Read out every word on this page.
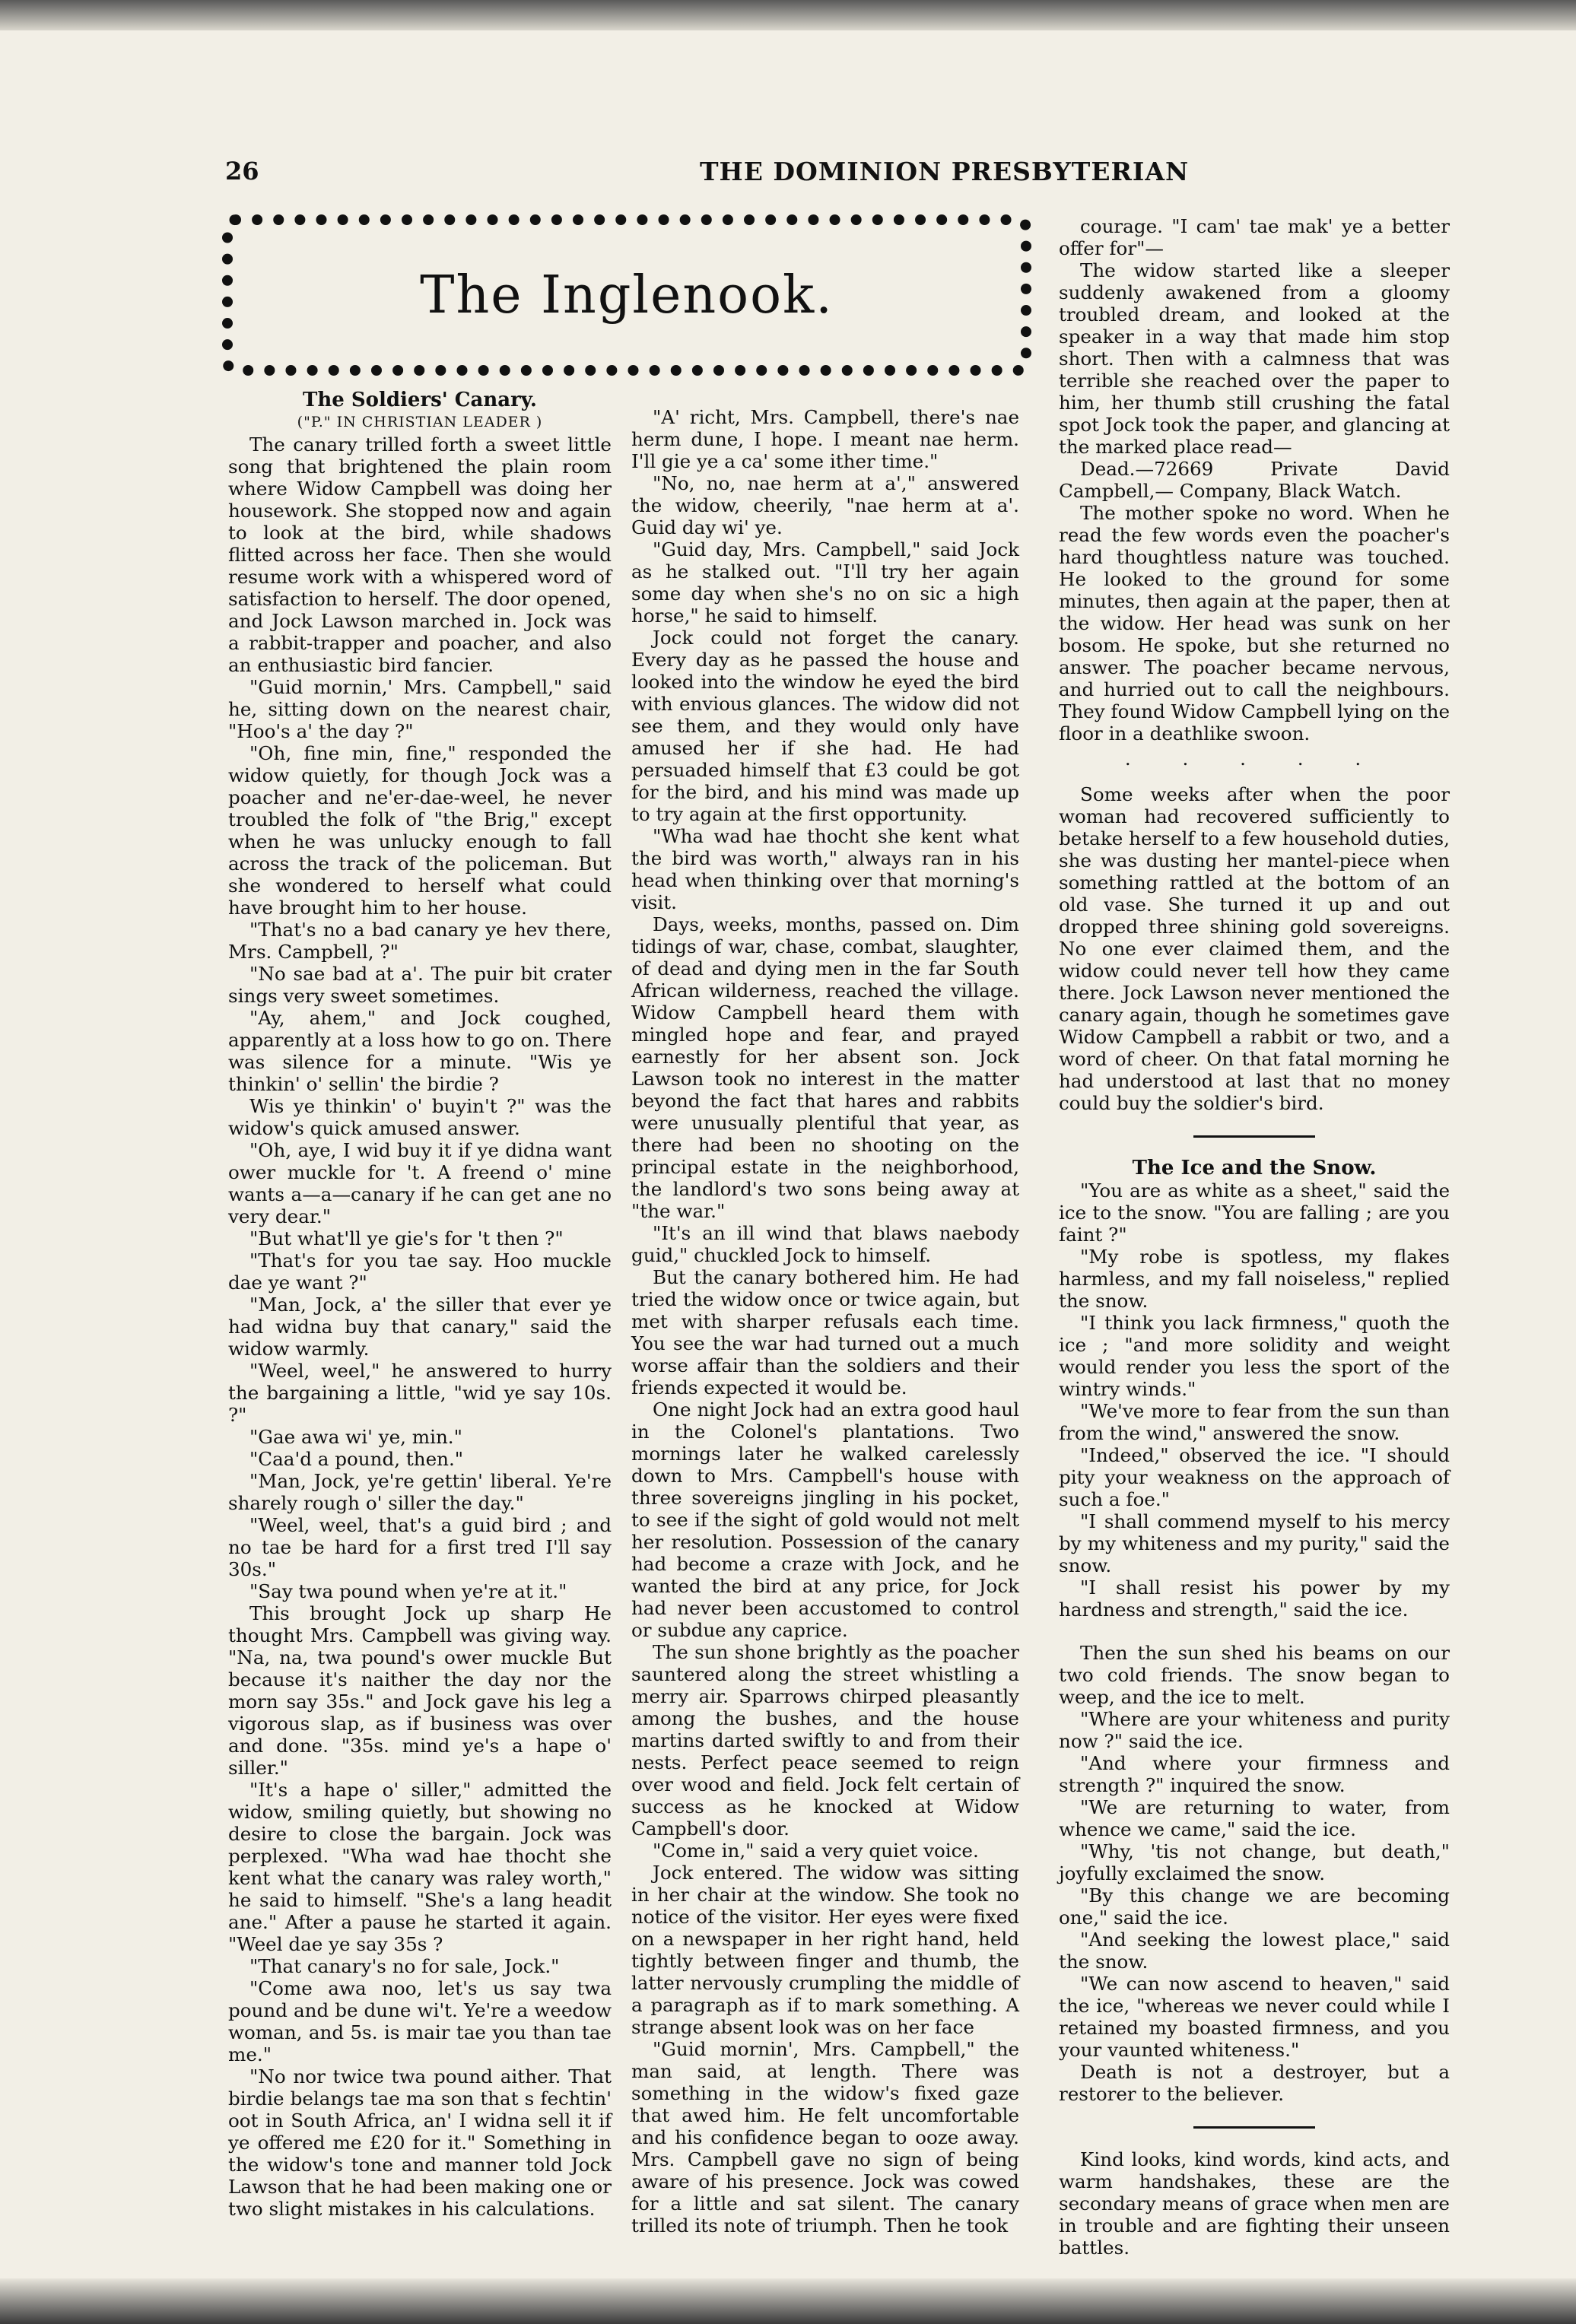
26	THE DOMINION PRESBYTERIAN
The Inglenook.

The Soldiers' Canary.

("P." IN CHRISTIAN LEADER )

The canary trilled forth a sweet little song that brightened the plain room where Widow Campbell was doing her housework. She stopped now and again to look at the bird, while shadows flitted across her face. Then she would resume work with a whispered word of satisfaction to herself. The door opened, and Jock Lawson marched in. Jock was a rabbit-trapper and poacher, and also an enthusiastic bird fancier.

"Guid mornin,' Mrs. Campbell," said he, sitting down on the nearest chair, "Hoo's a' the day ?"

"Oh, fine min, fine," responded the widow quietly, for though Jock was a poacher and ne'er-dae-weel, he never troubled the folk of "the Brig," except when he was unlucky enough to fall across the track of the policeman. But she wondered to herself what could have brought him to her house.

"That's no a bad canary ye hev there, Mrs. Campbell, ?"

"No sae bad at a'. The puir bit crater sings very sweet sometimes.

"Ay, ahem," and Jock coughed, apparently at a loss how to go on. There was silence for a minute. "Wis ye thinkin' o' sellin' the birdie ?

Wis ye thinkin' o' buyin't ?" was the widow's quick amused answer.

"Oh, aye, I wid buy it if ye didna want ower muckle for 't. A freend o' mine wants a—a—canary if he can get ane no very dear."

"But what'll ye gie's for 't then ?"

"That's for you tae say. Hoo muckle dae ye want ?"

"Man, Jock, a' the siller that ever ye had widna buy that canary," said the widow warmly.

"Weel, weel," he answered to hurry the bargaining a little, "wid ye say 10s. ?"

"Gae awa wi' ye, min."

"Caa'd a pound, then."

"Man, Jock, ye're gettin' liberal. Ye're sharely rough o' siller the day."

"Weel, weel, that's a guid bird ; and no tae be hard for a first tred I'll say 30s."

"Say twa pound when ye're at it."

This brought Jock up sharp He thought Mrs. Campbell was giving way. "Na, na, twa pound's ower muckle But because it's naither the day nor the morn say 35s." and Jock gave his leg a vigorous slap, as if business was over and done. "35s. mind ye's a hape o' siller."

"It's a hape o' siller," admitted the widow, smiling quietly, but showing no desire to close the bargain. Jock was perplexed. "Wha wad hae thocht she kent what the canary was raley worth," he said to himself. "She's a lang headit ane." After a pause he started it again. "Weel dae ye say 35s ?

"That canary's no for sale, Jock."

"Come awa noo, let's us say twa pound and be dune wi't. Ye're a weedow woman, and 5s. is mair tae you than tae me."

"No nor twice twa pound aither. That birdie belangs tae ma son that s fechtin' oot in South Africa, an' I widna sell it if ye offered me £20 for it." Something in the widow's tone and manner told Jock Lawson that he had been making one or two slight mistakes in his calculations.

"A' richt, Mrs. Campbell, there's nae herm dune, I hope. I meant nae herm. I'll gie ye a ca' some ither time."

"No, no, nae herm at a'," answered the widow, cheerily, "nae herm at a'. Guid day wi' ye.

"Guid day, Mrs. Campbell," said Jock as he stalked out. "I'll try her again some day when she's no on sic a high horse," he said to himself.

Jock could not forget the canary. Every day as he passed the house and looked into the window he eyed the bird with envious glances. The widow did not see them, and they would only have amused her if she had. He had persuaded himself that £3 could be got for the bird, and his mind was made up to try again at the first opportunity.

"Wha wad hae thocht she kent what the bird was worth," always ran in his head when thinking over that morning's visit.

Days, weeks, months, passed on. Dim tidings of war, chase, combat, slaughter, of dead and dying men in the far South African wilderness, reached the village. Widow Campbell heard them with mingled hope and fear, and prayed earnestly for her absent son. Jock Lawson took no interest in the matter beyond the fact that hares and rabbits were unusually plentiful that year, as there had been no shooting on the principal estate in the neighborhood, the landlord's two sons being away at "the war."

"It's an ill wind that blaws naebody guid," chuckled Jock to himself.

But the canary bothered him. He had tried the widow once or twice again, but met with sharper refusals each time. You see the war had turned out a much worse affair than the soldiers and their friends expected it would be.

One night Jock had an extra good haul in the Colonel's plantations. Two mornings later he walked carelessly down to Mrs. Campbell's house with three sovereigns jingling in his pocket, to see if the sight of gold would not melt her resolution. Possession of the canary had become a craze with Jock, and he wanted the bird at any price, for Jock had never been accustomed to control or subdue any caprice.

The sun shone brightly as the poacher sauntered along the street whistling a merry air. Sparrows chirped pleasantly among the bushes, and the house martins darted swiftly to and from their nests. Perfect peace seemed to reign over wood and field. Jock felt certain of success as he knocked at Widow Campbell's door.

"Come in," said a very quiet voice.

Jock entered. The widow was sitting in her chair at the window. She took no notice of the visitor. Her eyes were fixed on a newspaper in her right hand, held tightly between finger and thumb, the latter nervously crumpling the middle of a paragraph as if to mark something. A strange absent look was on her face

"Guid mornin', Mrs. Campbell," the man said, at length. There was something in the widow's fixed gaze that awed him. He felt uncomfortable and his confidence began to ooze away. Mrs. Campbell gave no sign of being aware of his presence. Jock was cowed for a little and sat silent. The canary trilled its note of triumph. Then he took

courage. "I cam' tae mak' ye a better offer for"—

The widow started like a sleeper suddenly awakened from a gloomy troubled dream, and looked at the speaker in a way that made him stop short. Then with a calmness that was terrible she reached over the paper to him, her thumb still crushing the fatal spot Jock took the paper, and glancing at the marked place read—

Dead.—72669 Private David Campbell,— Company, Black Watch.

The mother spoke no word. When he read the few words even the poacher's hard thoughtless nature was touched. He looked to the ground for some minutes, then again at the paper, then at the widow. Her head was sunk on her bosom. He spoke, but she returned no answer. The poacher became nervous, and hurried out to call the neighbours. They found Widow Campbell lying on the floor in a deathlike swoon.

. . . . .

Some weeks after when the poor woman had recovered sufficiently to betake herself to a few household duties, she was dusting her mantel-piece when something rattled at the bottom of an old vase. She turned it up and out dropped three shining gold sovereigns. No one ever claimed them, and the widow could never tell how they came there. Jock Lawson never mentioned the canary again, though he sometimes gave Widow Campbell a rabbit or two, and a word of cheer. On that fatal morning he had understood at last that no money could buy the soldier's bird.

The Ice and the Snow.

"You are as white as a sheet," said the ice to the snow. "You are falling ; are you faint ?"

"My robe is spotless, my flakes harmless, and my fall noiseless," replied the snow.

"I think you lack firmness," quoth the ice ; "and more solidity and weight would render you less the sport of the wintry winds."

"We've more to fear from the sun than from the wind," answered the snow.

"Indeed," observed the ice. "I should pity your weakness on the approach of such a foe."

"I shall commend myself to his mercy by my whiteness and my purity," said the snow.

"I shall resist his power by my hardness and strength," said the ice.

Then the sun shed his beams on our two cold friends. The snow began to weep, and the ice to melt.

"Where are your whiteness and purity now ?" said the ice.

"And where your firmness and strength ?" inquired the snow.

"We are returning to water, from whence we came," said the ice.

"Why, 'tis not change, but death," joyfully exclaimed the snow.

"By this change we are becoming one," said the ice.

"And seeking the lowest place," said the snow.

"We can now ascend to heaven," said the ice, "whereas we never could while I retained my boasted firmness, and you your vaunted whiteness."

Death is not a destroyer, but a restorer to the believer.

Kind looks, kind words, kind acts, and warm handshakes, these are the secondary means of grace when men are in trouble and are fighting their unseen battles.
